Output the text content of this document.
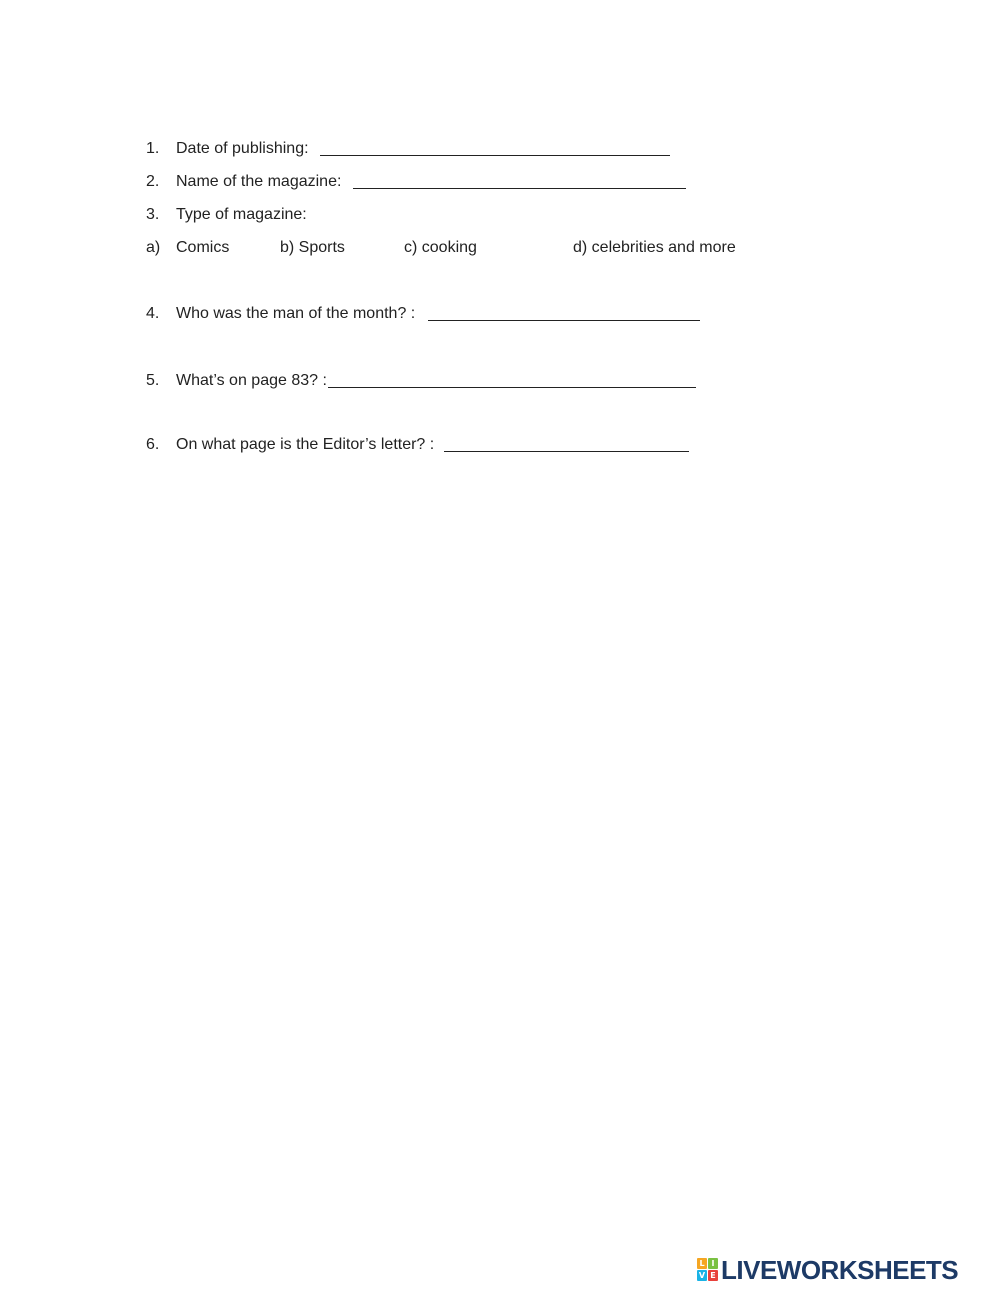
1.	Date of publishing:
2.	Name of the magazine:
3.	Type of magazine:
a) Comics	b) Sports	c) cooking	d) celebrities and more
4.	Who was the man of the month? :
5.	What’s on page 83? :
6.	On what page is the Editor’s letter? :
L I
V E LIVEWORKSHEETS
